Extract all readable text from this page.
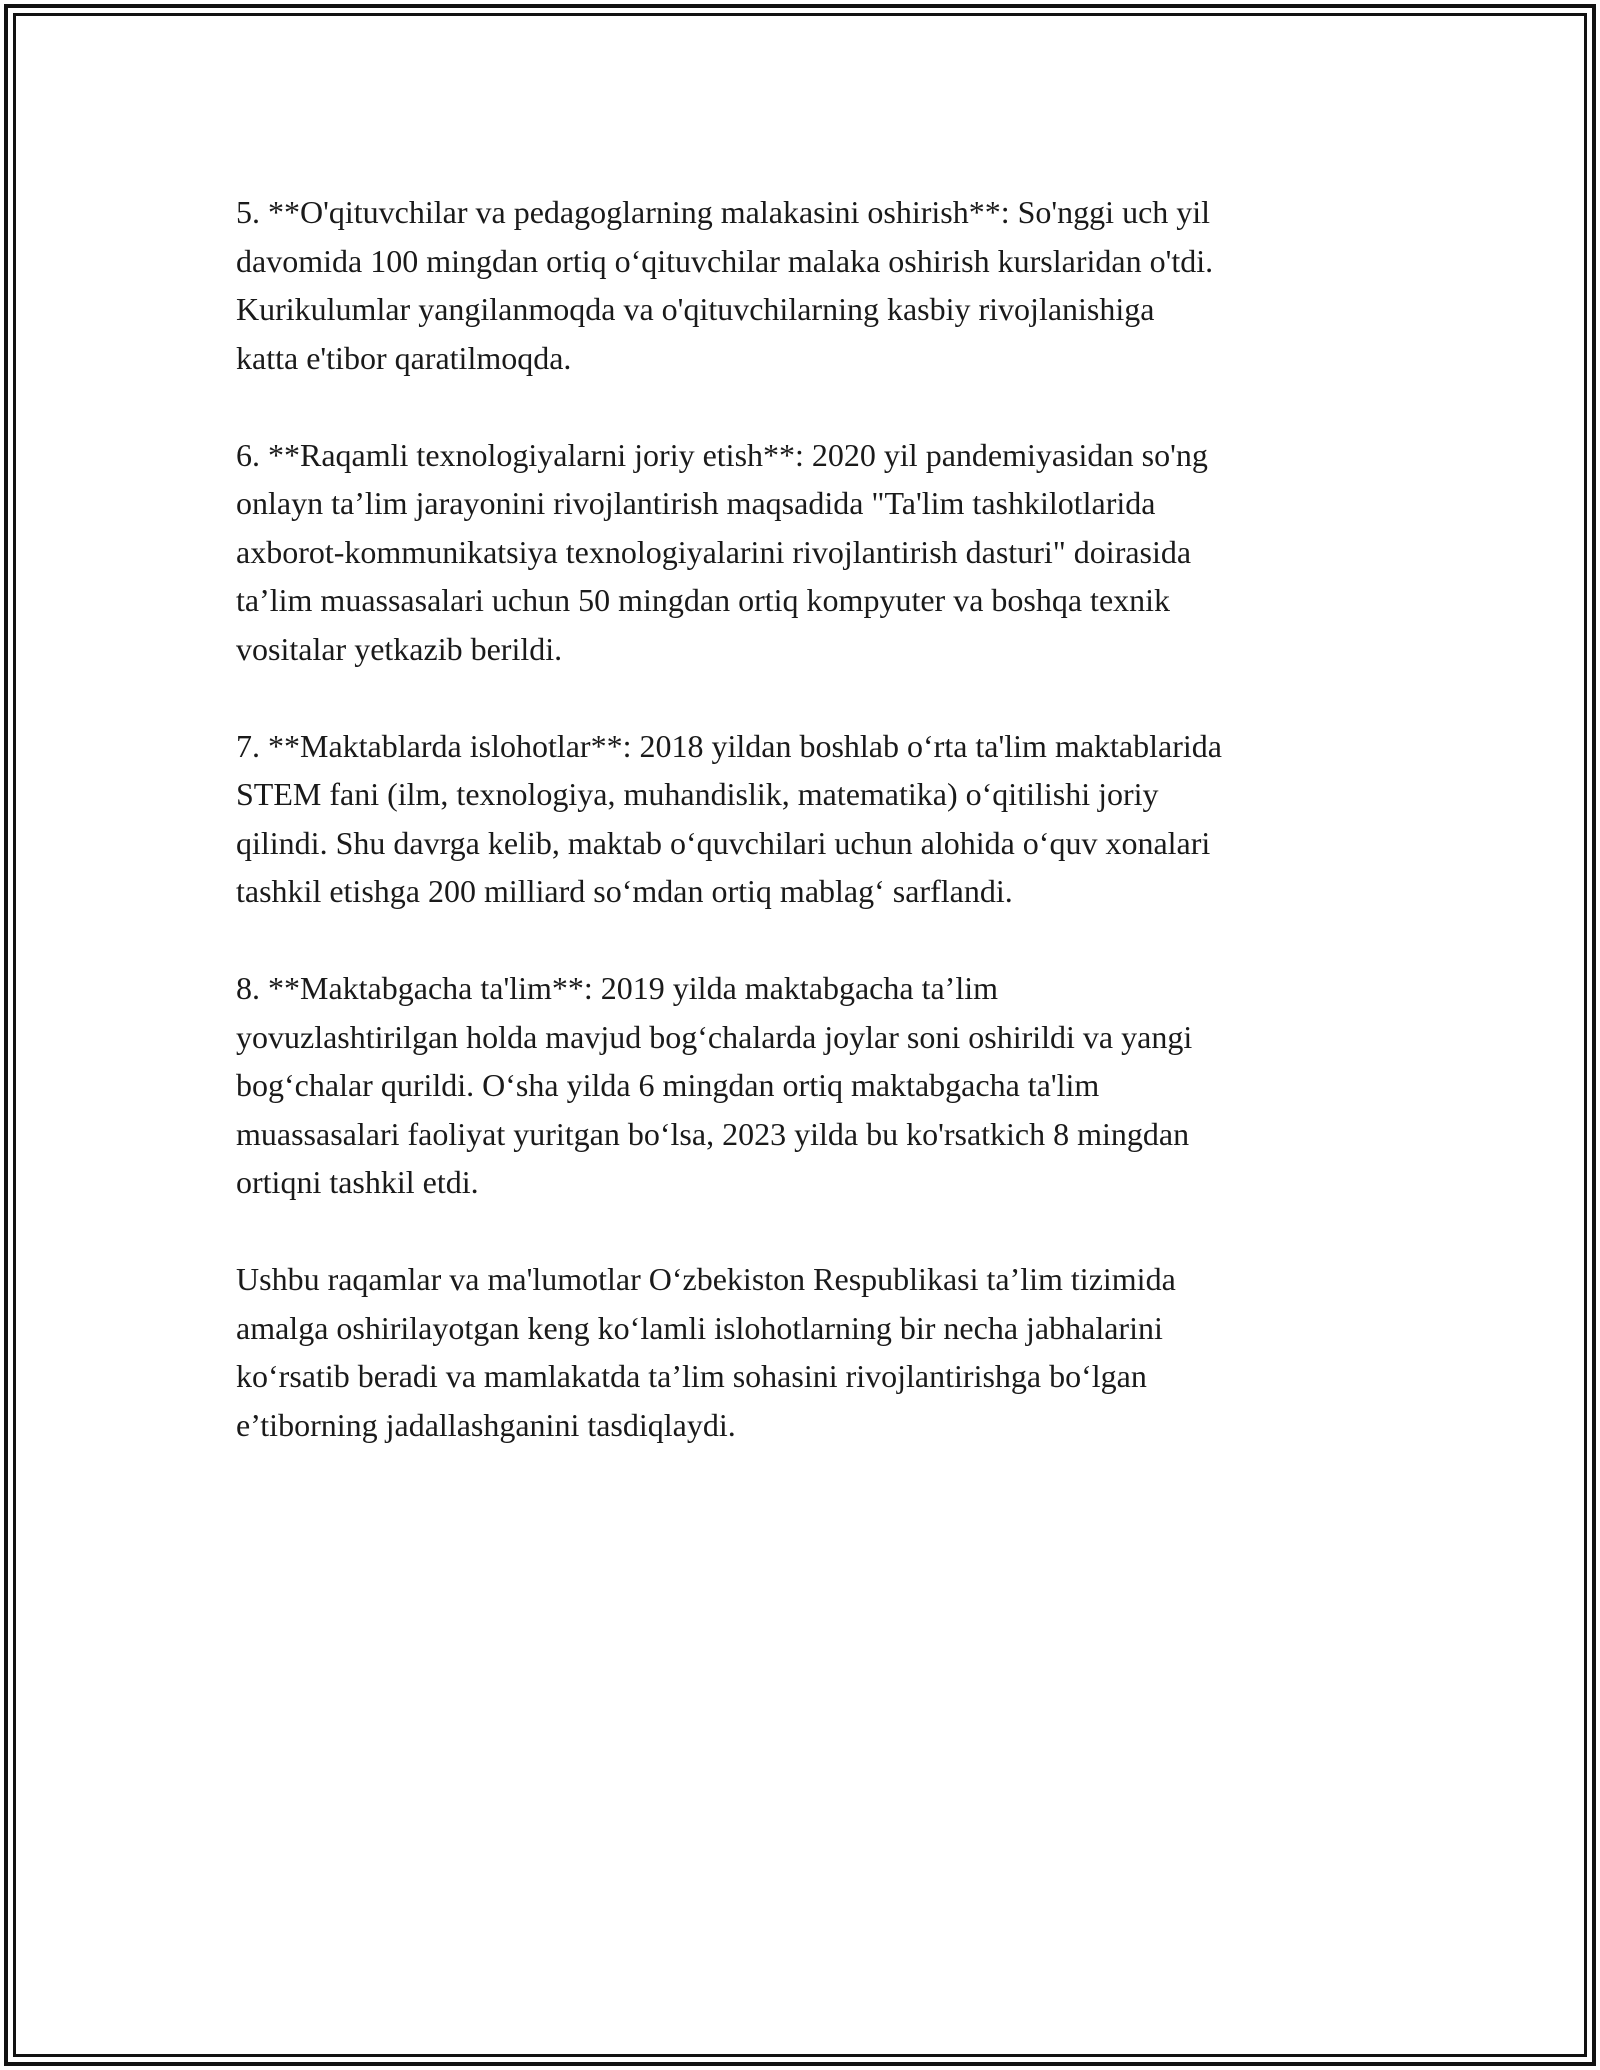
5. **O'qituvchilar va pedagoglarning malakasini oshirish**: So'nggi uch yil
davomida 100 mingdan ortiq o‘qituvchilar malaka oshirish kurslaridan o'tdi.
Kurikulumlar yangilanmoqda va o'qituvchilarning kasbiy rivojlanishiga
katta e'tibor qaratilmoqda.

6. **Raqamli texnologiyalarni joriy etish**: 2020 yil pandemiyasidan so'ng
onlayn ta’lim jarayonini rivojlantirish maqsadida "Ta'lim tashkilotlarida
axborot-kommunikatsiya texnologiyalarini rivojlantirish dasturi" doirasida
ta’lim muassasalari uchun 50 mingdan ortiq kompyuter va boshqa texnik
vositalar yetkazib berildi.

7. **Maktablarda islohotlar**: 2018 yildan boshlab o‘rta ta'lim maktablarida
STEM fani (ilm, texnologiya, muhandislik, matematika) o‘qitilishi joriy
qilindi. Shu davrga kelib, maktab o‘quvchilari uchun alohida o‘quv xonalari
tashkil etishga 200 milliard so‘mdan ortiq mablag‘ sarflandi.

8. **Maktabgacha ta'lim**: 2019 yilda maktabgacha ta’lim
yovuzlashtirilgan holda mavjud bog‘chalarda joylar soni oshirildi va yangi
bog‘chalar qurildi. O‘sha yilda 6 mingdan ortiq maktabgacha ta'lim
muassasalari faoliyat yuritgan bo‘lsa, 2023 yilda bu ko'rsatkich 8 mingdan
ortiqni tashkil etdi.

Ushbu raqamlar va ma'lumotlar O‘zbekiston Respublikasi ta’lim tizimida
amalga oshirilayotgan keng ko‘lamli islohotlarning bir necha jabhalarini
ko‘rsatib beradi va mamlakatda ta’lim sohasini rivojlantirishga bo‘lgan
e’tiborning jadallashganini tasdiqlaydi.
